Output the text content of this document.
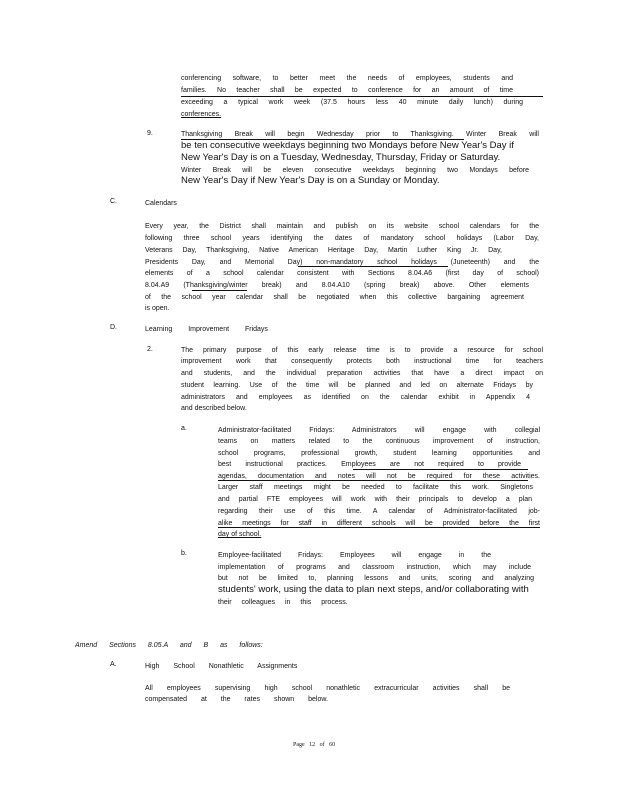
conferencing software, to better meet the needs of employees, students and
families. No teacher shall be expected to conference for an amount of time
exceeding a typical work week (37.5 hours less 40 minute daily lunch) during
conferences.
9.	Thanksgiving Break will begin Wednesday prior to Thanksgiving. Winter Break will
be ten consecutive weekdays beginning two Mondays before New Year's Day if
New Year's Day is on a Tuesday, Wednesday, Thursday, Friday or Saturday.
Winter Break will be eleven consecutive weekdays beginning two Mondays before
New Year's Day if New Year's Day is on a Sunday or Monday.
C.	Calendars
Every year, the District shall maintain and publish on its website school calendars for the
following three school years identifying the dates of mandatory school holidays (Labor Day,
Veterans Day, Thanksgiving, Native American Heritage Day, Martin Luther King Jr. Day,
Presidents Day, and Memorial Day) non-mandatory school holidays (Juneteenth) and the
elements of a school calendar consistent with Sections 8.04.A6 (first day of school)
8.04.A9 (Thanksgiving/winter break) and 8.04.A10 (spring break) above. Other elements
of the school year calendar shall be negotiated when this collective bargaining agreement
is open.
D.	Learning Improvement Fridays
2.	The primary purpose of this early release time is to provide a resource for school
improvement work that consequently protects both instructional time for teachers
and students, and the individual preparation activities that have a direct impact on
student learning. Use of the time will be planned and led on alternate Fridays by
administrators and employees as identified on the calendar exhibit in Appendix 4
and described below.
a.	Administrator-facilitated Fridays: Administrators will engage with collegial
teams on matters related to the continuous improvement of instruction,
school programs, professional growth, student learning opportunities and
best instructional practices. Employees are not required to provide
agendas, documentation and notes will not be required for these activities.
Larger staff meetings might be needed to facilitate this work. Singletons
and partial FTE employees will work with their principals to develop a plan
regarding their use of this time. A calendar of Administrator-facilitated job-
alike meetings for staff in different schools will be provided before the first
day of school.
b.	Employee-facilitated Fridays: Employees will engage in the
implementation of programs and classroom instruction, which may include
but not be limited to, planning lessons and units, scoring and analyzing
students' work, using the data to plan next steps, and/or collaborating with
their colleagues in this process.
Amend Sections 8.05.A and B as follows:
A.	High School Nonathletic Assignments
All employees supervising high school nonathletic extracurricular activities shall be
compensated at the rates shown below.
Page 12 of 60
